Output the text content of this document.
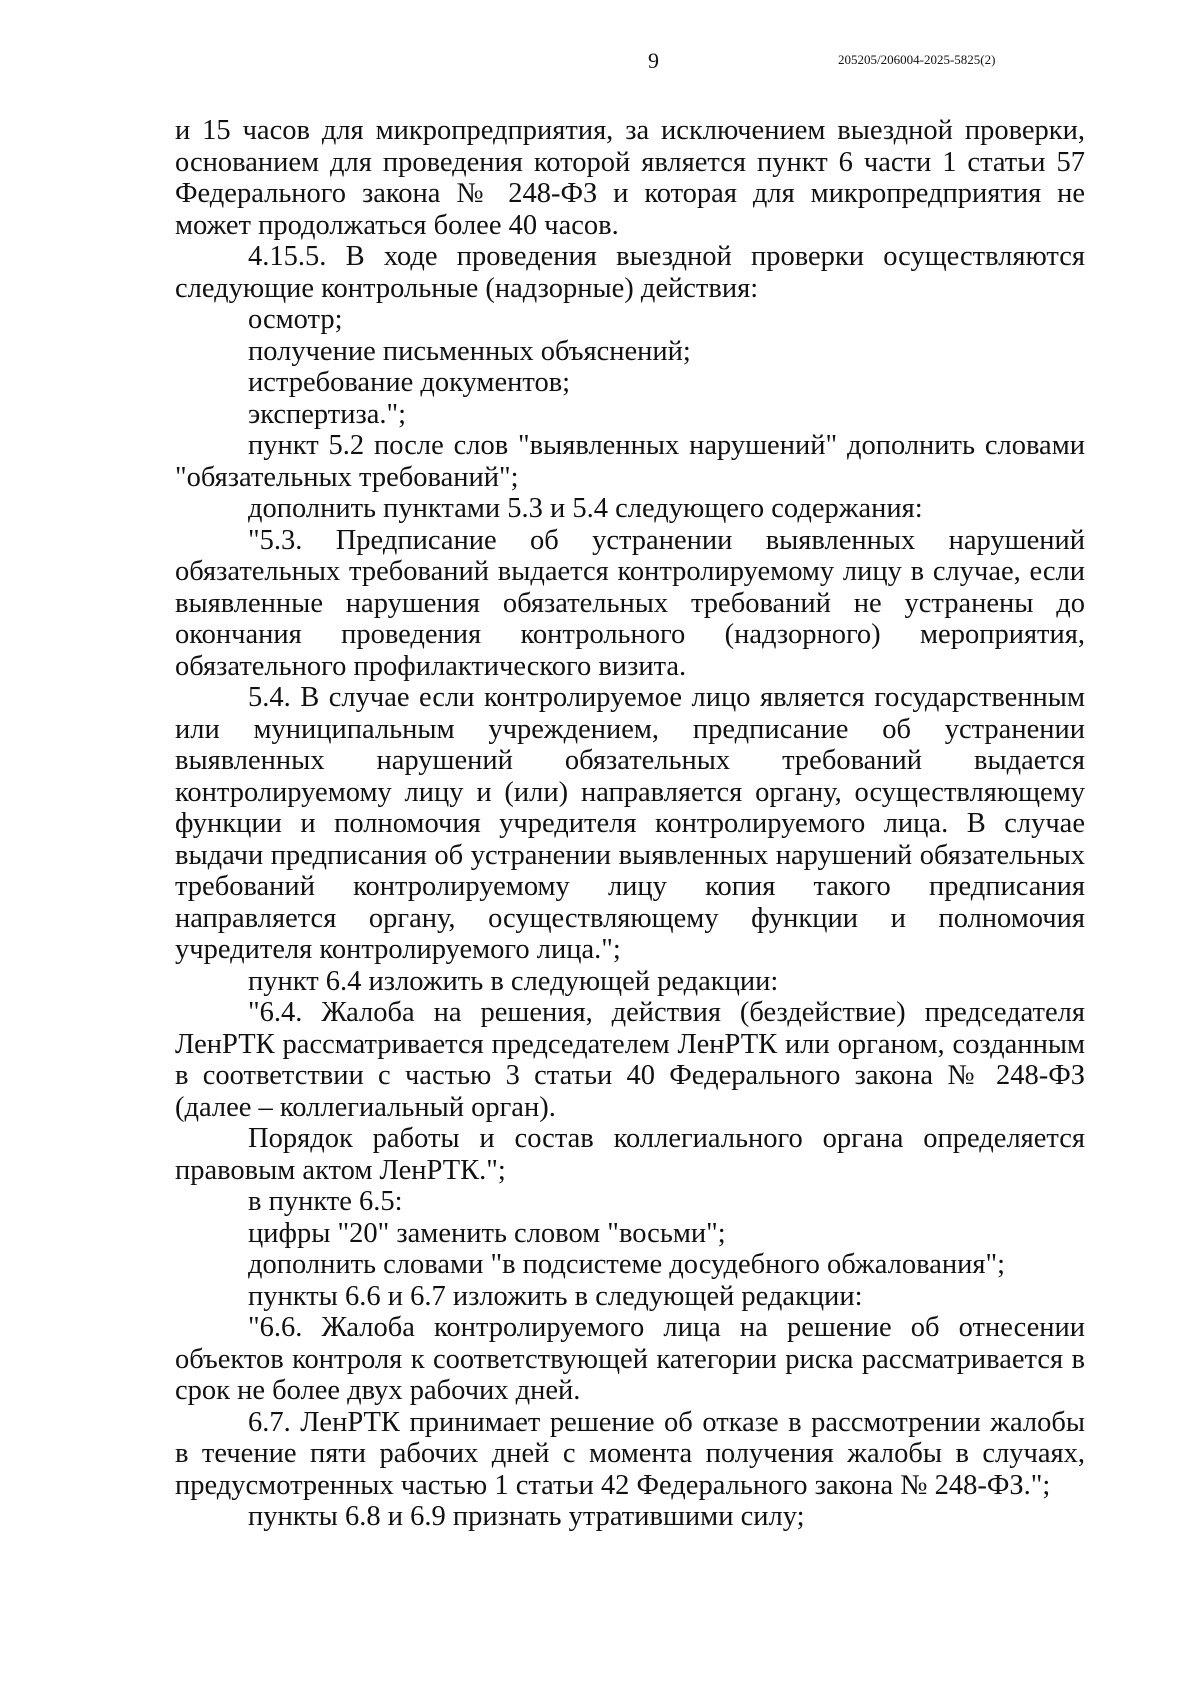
9	205205/206004-2025-5825(2)

и 15 часов для микропредприятия, за исключением выездной проверки, основанием для проведения которой является пункт 6 части 1 статьи 57 Федерального закона № 248-ФЗ и которая для микропредприятия не может продолжаться более 40 часов.

4.15.5. В ходе проведения выездной проверки осуществляются следующие контрольные (надзорные) действия:

осмотр;

получение письменных объяснений;

истребование документов;

экспертиза.";

пункт 5.2 после слов "выявленных нарушений" дополнить словами "обязательных требований";

дополнить пунктами 5.3 и 5.4 следующего содержания:

"5.3. Предписание об устранении выявленных нарушений обязательных требований выдается контролируемому лицу в случае, если выявленные нарушения обязательных требований не устранены до окончания проведения контрольного (надзорного) мероприятия, обязательного профилактического визита.

5.4. В случае если контролируемое лицо является государственным или муниципальным учреждением, предписание об устранении выявленных нарушений обязательных требований выдается контролируемому лицу и (или) направляется органу, осуществляющему функции и полномочия учредителя контролируемого лица. В случае выдачи предписания об устранении выявленных нарушений обязательных требований контролируемому лицу копия такого предписания направляется органу, осуществляющему функции и полномочия учредителя контролируемого лица.";

пункт 6.4 изложить в следующей редакции:

"6.4. Жалоба на решения, действия (бездействие) председателя ЛенРТК рассматривается председателем ЛенРТК или органом, созданным в соответствии с частью 3 статьи 40 Федерального закона № 248-ФЗ (далее – коллегиальный орган).

Порядок работы и состав коллегиального органа определяется правовым актом ЛенРТК.";

в пункте 6.5:

цифры "20" заменить словом "восьми";

дополнить словами "в подсистеме досудебного обжалования";

пункты 6.6 и 6.7 изложить в следующей редакции:

"6.6. Жалоба контролируемого лица на решение об отнесении объектов контроля к соответствующей категории риска рассматривается в срок не более двух рабочих дней.

6.7. ЛенРТК принимает решение об отказе в рассмотрении жалобы в течение пяти рабочих дней с момента получения жалобы в случаях, предусмотренных частью 1 статьи 42 Федерального закона № 248-ФЗ.";

пункты 6.8 и 6.9 признать утратившими силу;
